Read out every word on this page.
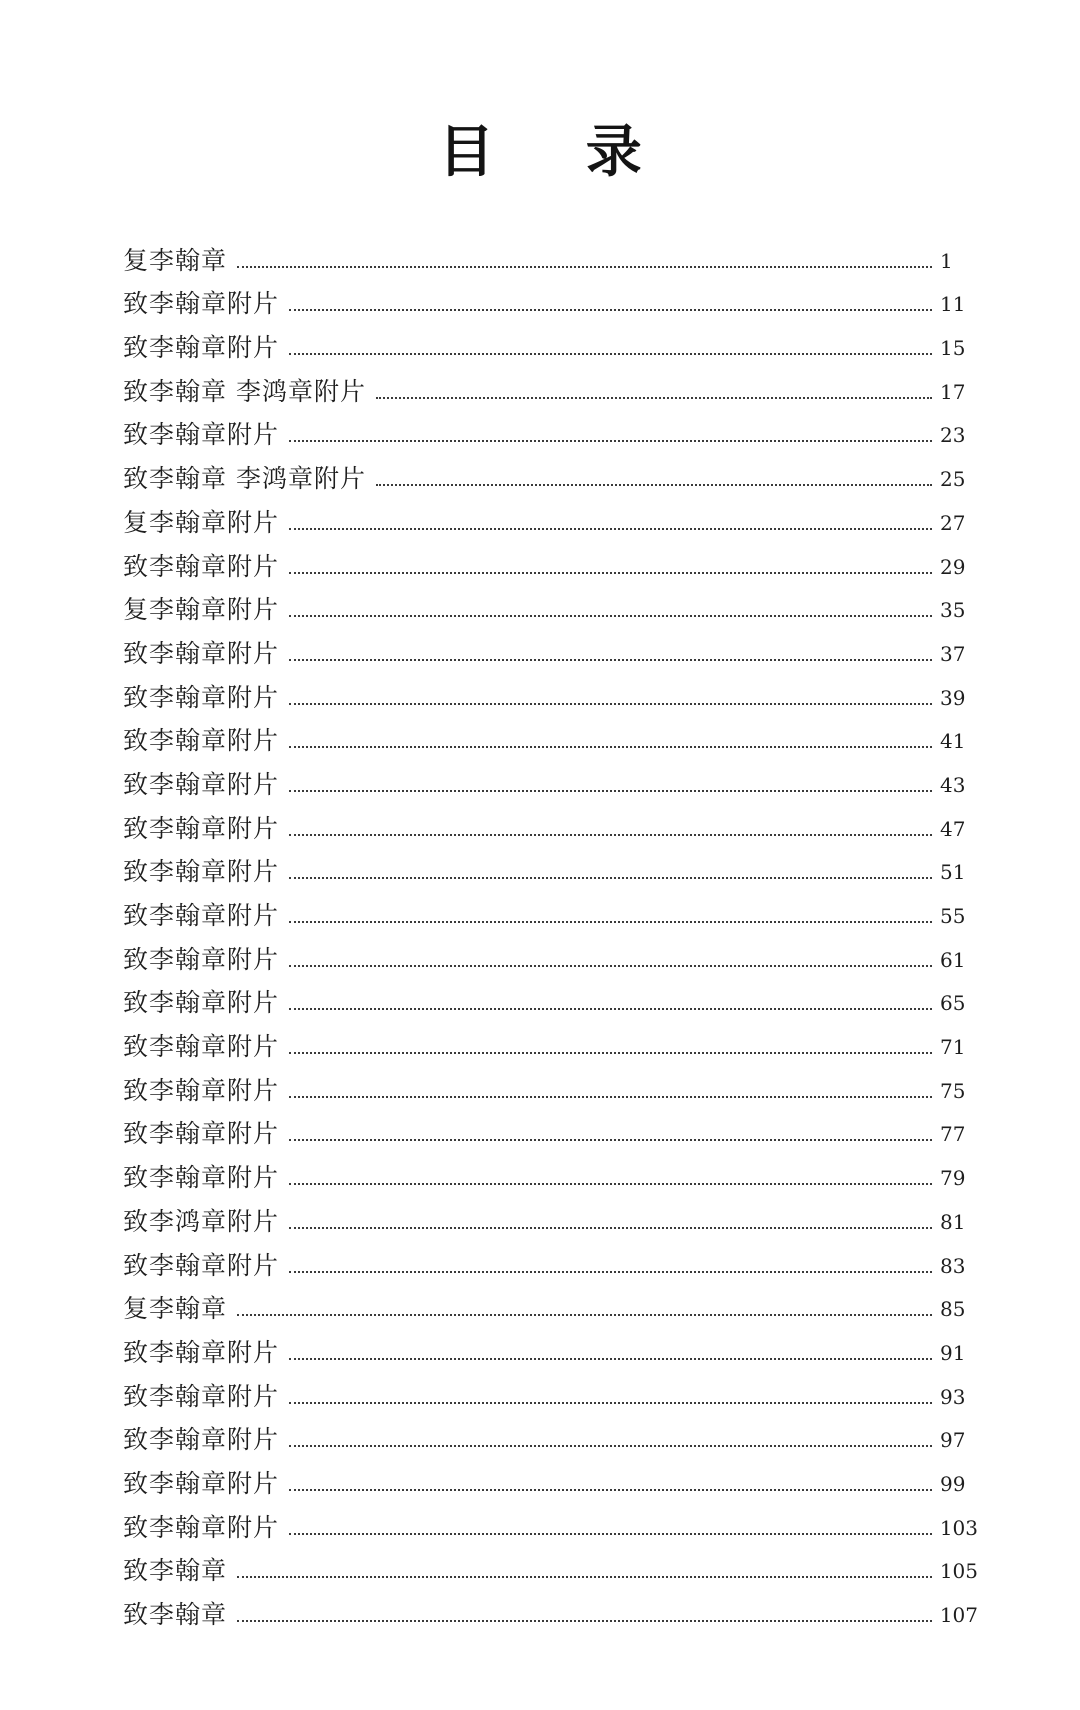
目 录
复李翰章	1
致李翰章附片	11
致李翰章附片	15
致李翰章 李鸿章附片	17
致李翰章附片	23
致李翰章 李鸿章附片	25
复李翰章附片	27
致李翰章附片	29
复李翰章附片	35
致李翰章附片	37
致李翰章附片	39
致李翰章附片	41
致李翰章附片	43
致李翰章附片	47
致李翰章附片	51
致李翰章附片	55
致李翰章附片	61
致李翰章附片	65
致李翰章附片	71
致李翰章附片	75
致李翰章附片	77
致李翰章附片	79
致李鸿章附片	81
致李翰章附片	83
复李翰章	85
致李翰章附片	91
致李翰章附片	93
致李翰章附片	97
致李翰章附片	99
致李翰章附片	103
致李翰章	105
致李翰章	107
